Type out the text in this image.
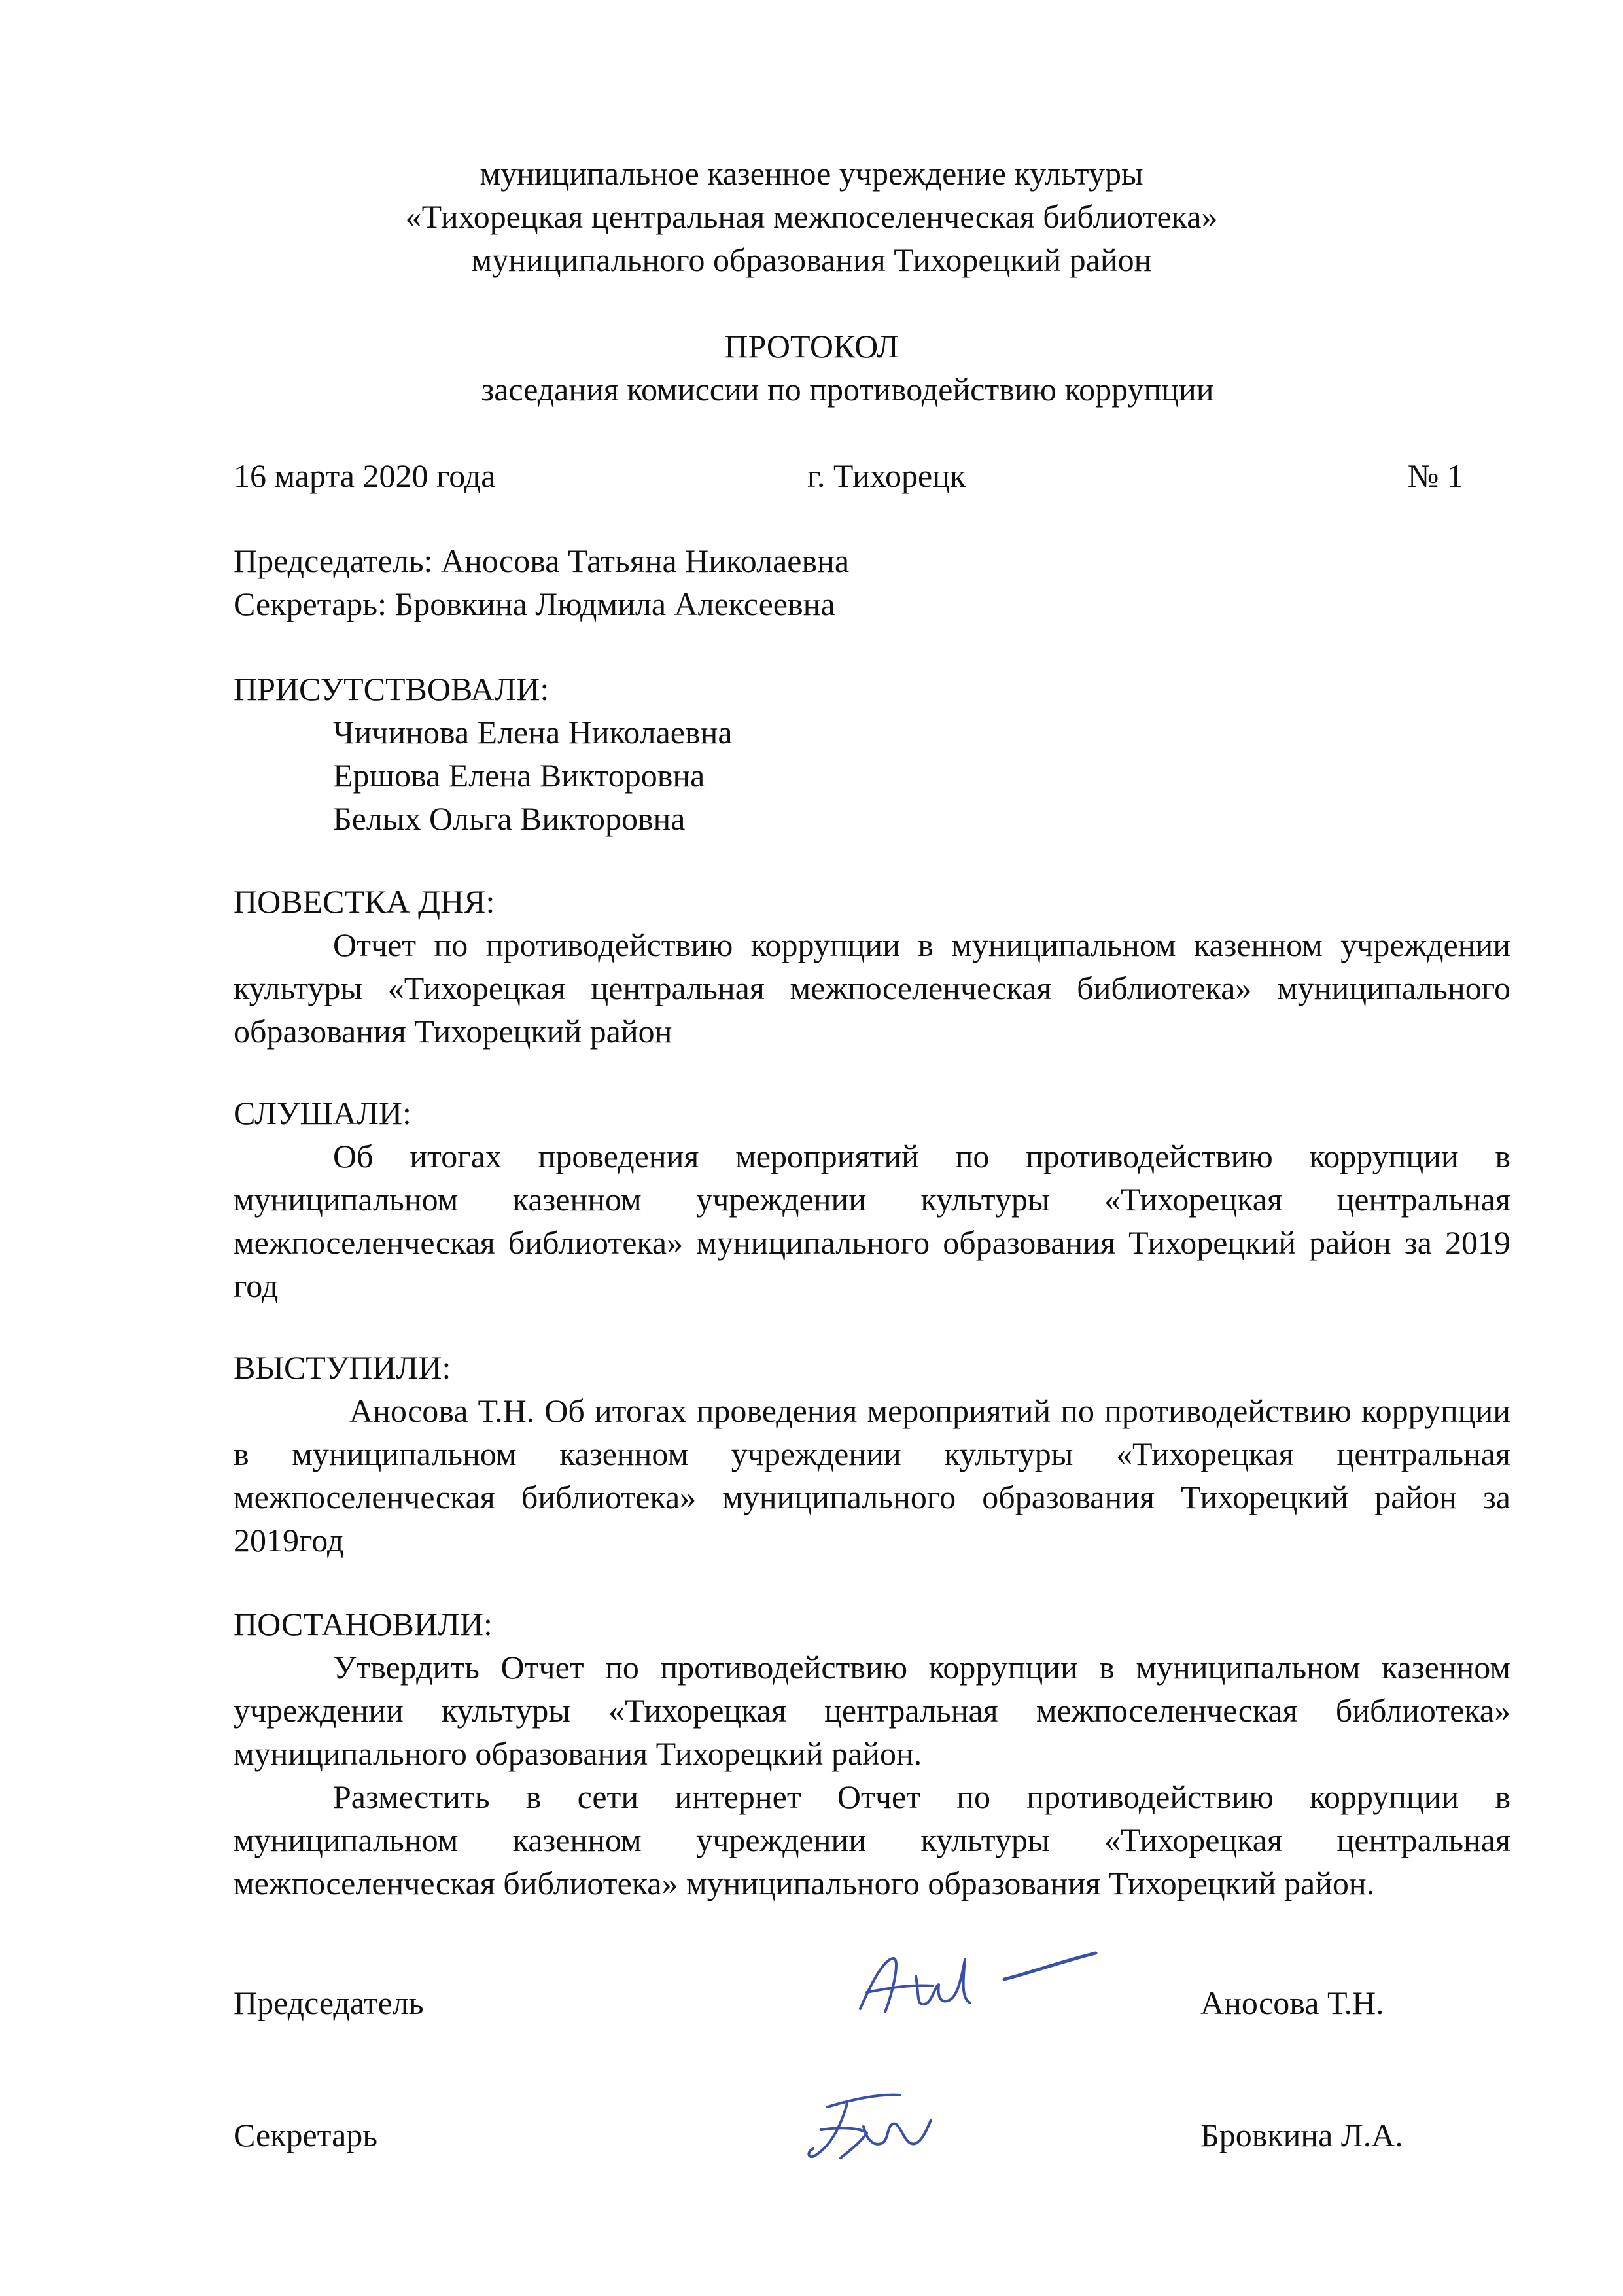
муниципальное казенное учреждение культуры
«Тихорецкая центральная межпоселенческая библиотека»
муниципального образования Тихорецкий район
ПРОТОКОЛ
заседания комиссии по противодействию коррупции
16 марта 2020 года	г. Тихорецк	№ 1
Председатель: Аносова Татьяна Николаевна
Секретарь: Бровкина Людмила Алексеевна
ПРИСУТСТВОВАЛИ:
Чичинова Елена Николаевна
Ершова Елена Викторовна
Белых Ольга Викторовна
ПОВЕСТКА ДНЯ:
Отчет по противодействию коррупции в муниципальном казенном учреждении культуры «Тихорецкая центральная межпоселенческая библиотека» муниципального образования Тихорецкий район
СЛУШАЛИ:
Об итогах проведения мероприятий по противодействию коррупции в муниципальном казенном учреждении культуры «Тихорецкая центральная межпоселенческая библиотека» муниципального образования Тихорецкий район за 2019 год
ВЫСТУПИЛИ:
Аносова Т.Н. Об итогах проведения мероприятий по противодействию коррупции в муниципальном казенном учреждении культуры «Тихорецкая центральная межпоселенческая библиотека» муниципального образования Тихорецкий район за 2019год
ПОСТАНОВИЛИ:
Утвердить Отчет по противодействию коррупции в муниципальном казенном учреждении культуры «Тихорецкая центральная межпоселенческая библиотека» муниципального образования Тихорецкий район.
Разместить в сети интернет Отчет по противодействию коррупции в муниципальном казенном учреждении культуры «Тихорецкая центральная межпоселенческая библиотека» муниципального образования Тихорецкий район.
Председатель	Аносова Т.Н.
Секретарь	Бровкина Л.А.
